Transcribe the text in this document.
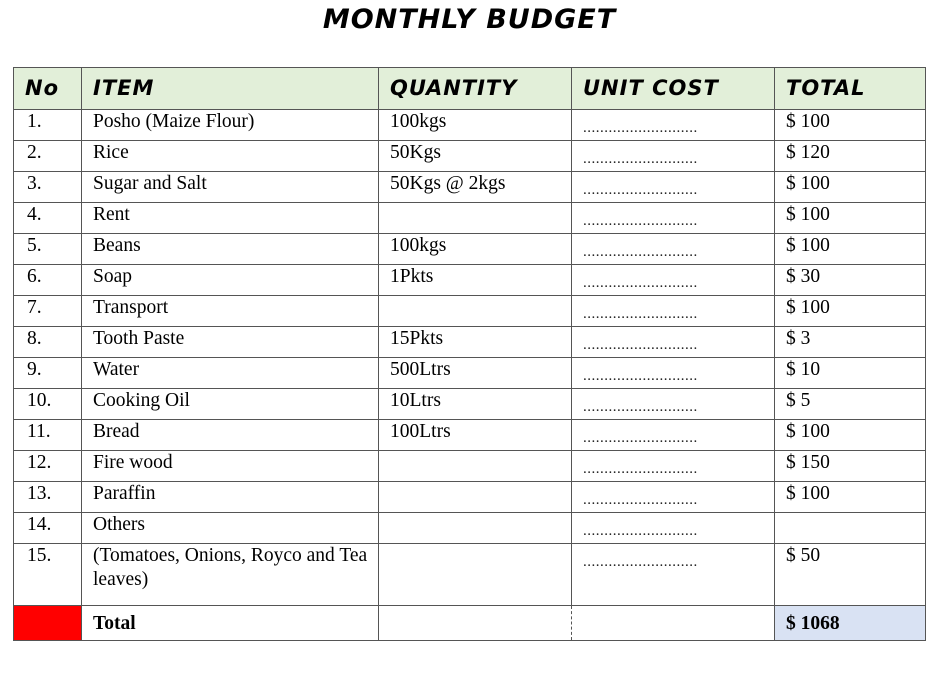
MONTHLY BUDGET
No	ITEM	QUANTITY	UNIT COST	TOTAL
1.	Posho (Maize Flour)	100kgs	...........................	$ 100
2.	Rice	50Kgs	...........................	$ 120
3.	Sugar and Salt	50Kgs @ 2kgs	...........................	$ 100
4.	Rent		...........................	$ 100
5.	Beans	100kgs	...........................	$ 100
6.	Soap	1Pkts	...........................	$ 30
7.	Transport		...........................	$ 100
8.	Tooth Paste	15Pkts	...........................	$ 3
9.	Water	500Ltrs	...........................	$ 10
10.	Cooking Oil	10Ltrs	...........................	$ 5
11.	Bread	100Ltrs	...........................	$ 100
12.	Fire wood		...........................	$ 150
13.	Paraffin		...........................	$ 100
14.	Others		...........................	
15.	(Tomatoes, Onions, Royco and Tea leaves)		...........................	$ 50
	Total			$ 1068
